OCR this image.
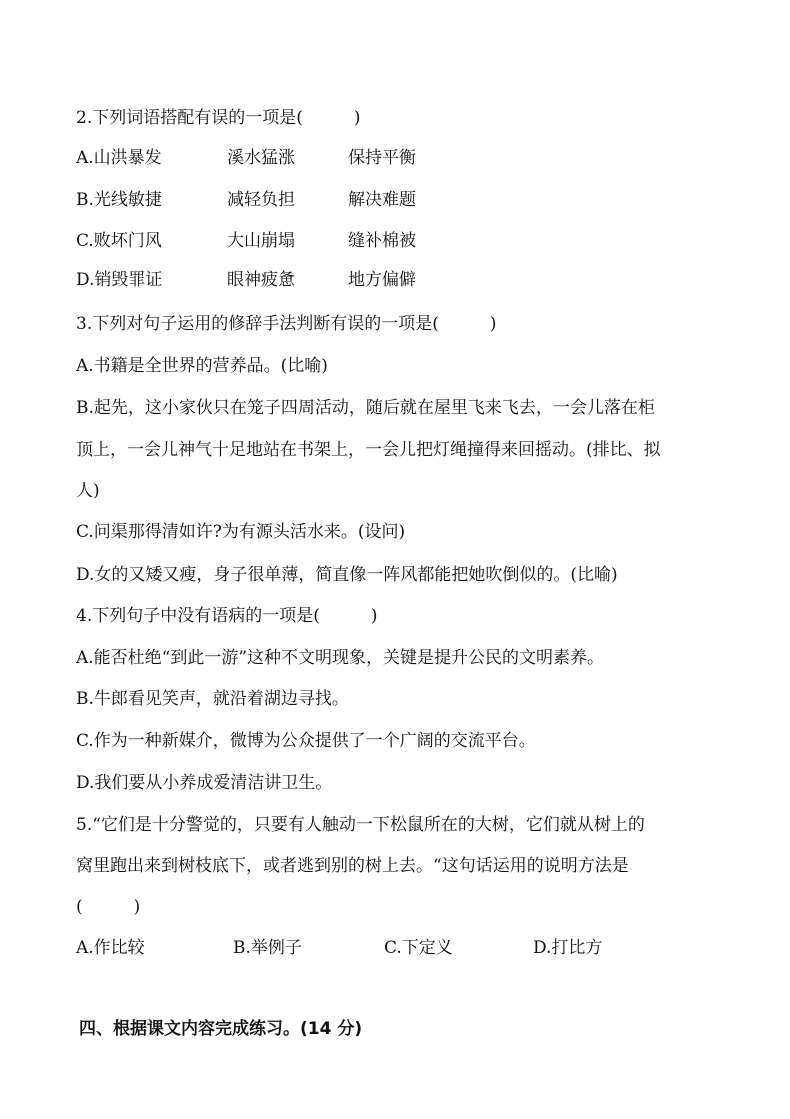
2.下列词语搭配有误的一项是(　　　)
A.山洪暴发	溪水猛涨	保持平衡
B.光线敏捷	减轻负担	解决难题
C.败坏门风	大山崩塌	缝补棉被
D.销毁罪证	眼神疲惫	地方偏僻
3.下列对句子运用的修辞手法判断有误的一项是(　　　)
A.书籍是全世界的营养品。(比喻)
B.起先，这小家伙只在笼子四周活动，随后就在屋里飞来飞去，一会儿落在柜
顶上，一会儿神气十足地站在书架上，一会儿把灯绳撞得来回摇动。(排比、拟
人)
C.问渠那得清如许?为有源头活水来。(设问)
D.女的又矮又瘦，身子很单薄，简直像一阵风都能把她吹倒似的。(比喻)
4.下列句子中没有语病的一项是(　　　)
A.能否杜绝“到此一游”这种不文明现象，关键是提升公民的文明素养。
B.牛郎看见笑声，就沿着湖边寻找。
C.作为一种新媒介，微博为公众提供了一个广阔的交流平台。
D.我们要从小养成爱清洁讲卫生。
5.“它们是十分警觉的，只要有人触动一下松鼠所在的大树，它们就从树上的
窝里跑出来到树枝底下，或者逃到别的树上去。“这句话运用的说明方法是
(　　　)
A.作比较	B.举例子	C.下定义	D.打比方
四、根据课文内容完成练习。(14 分)
